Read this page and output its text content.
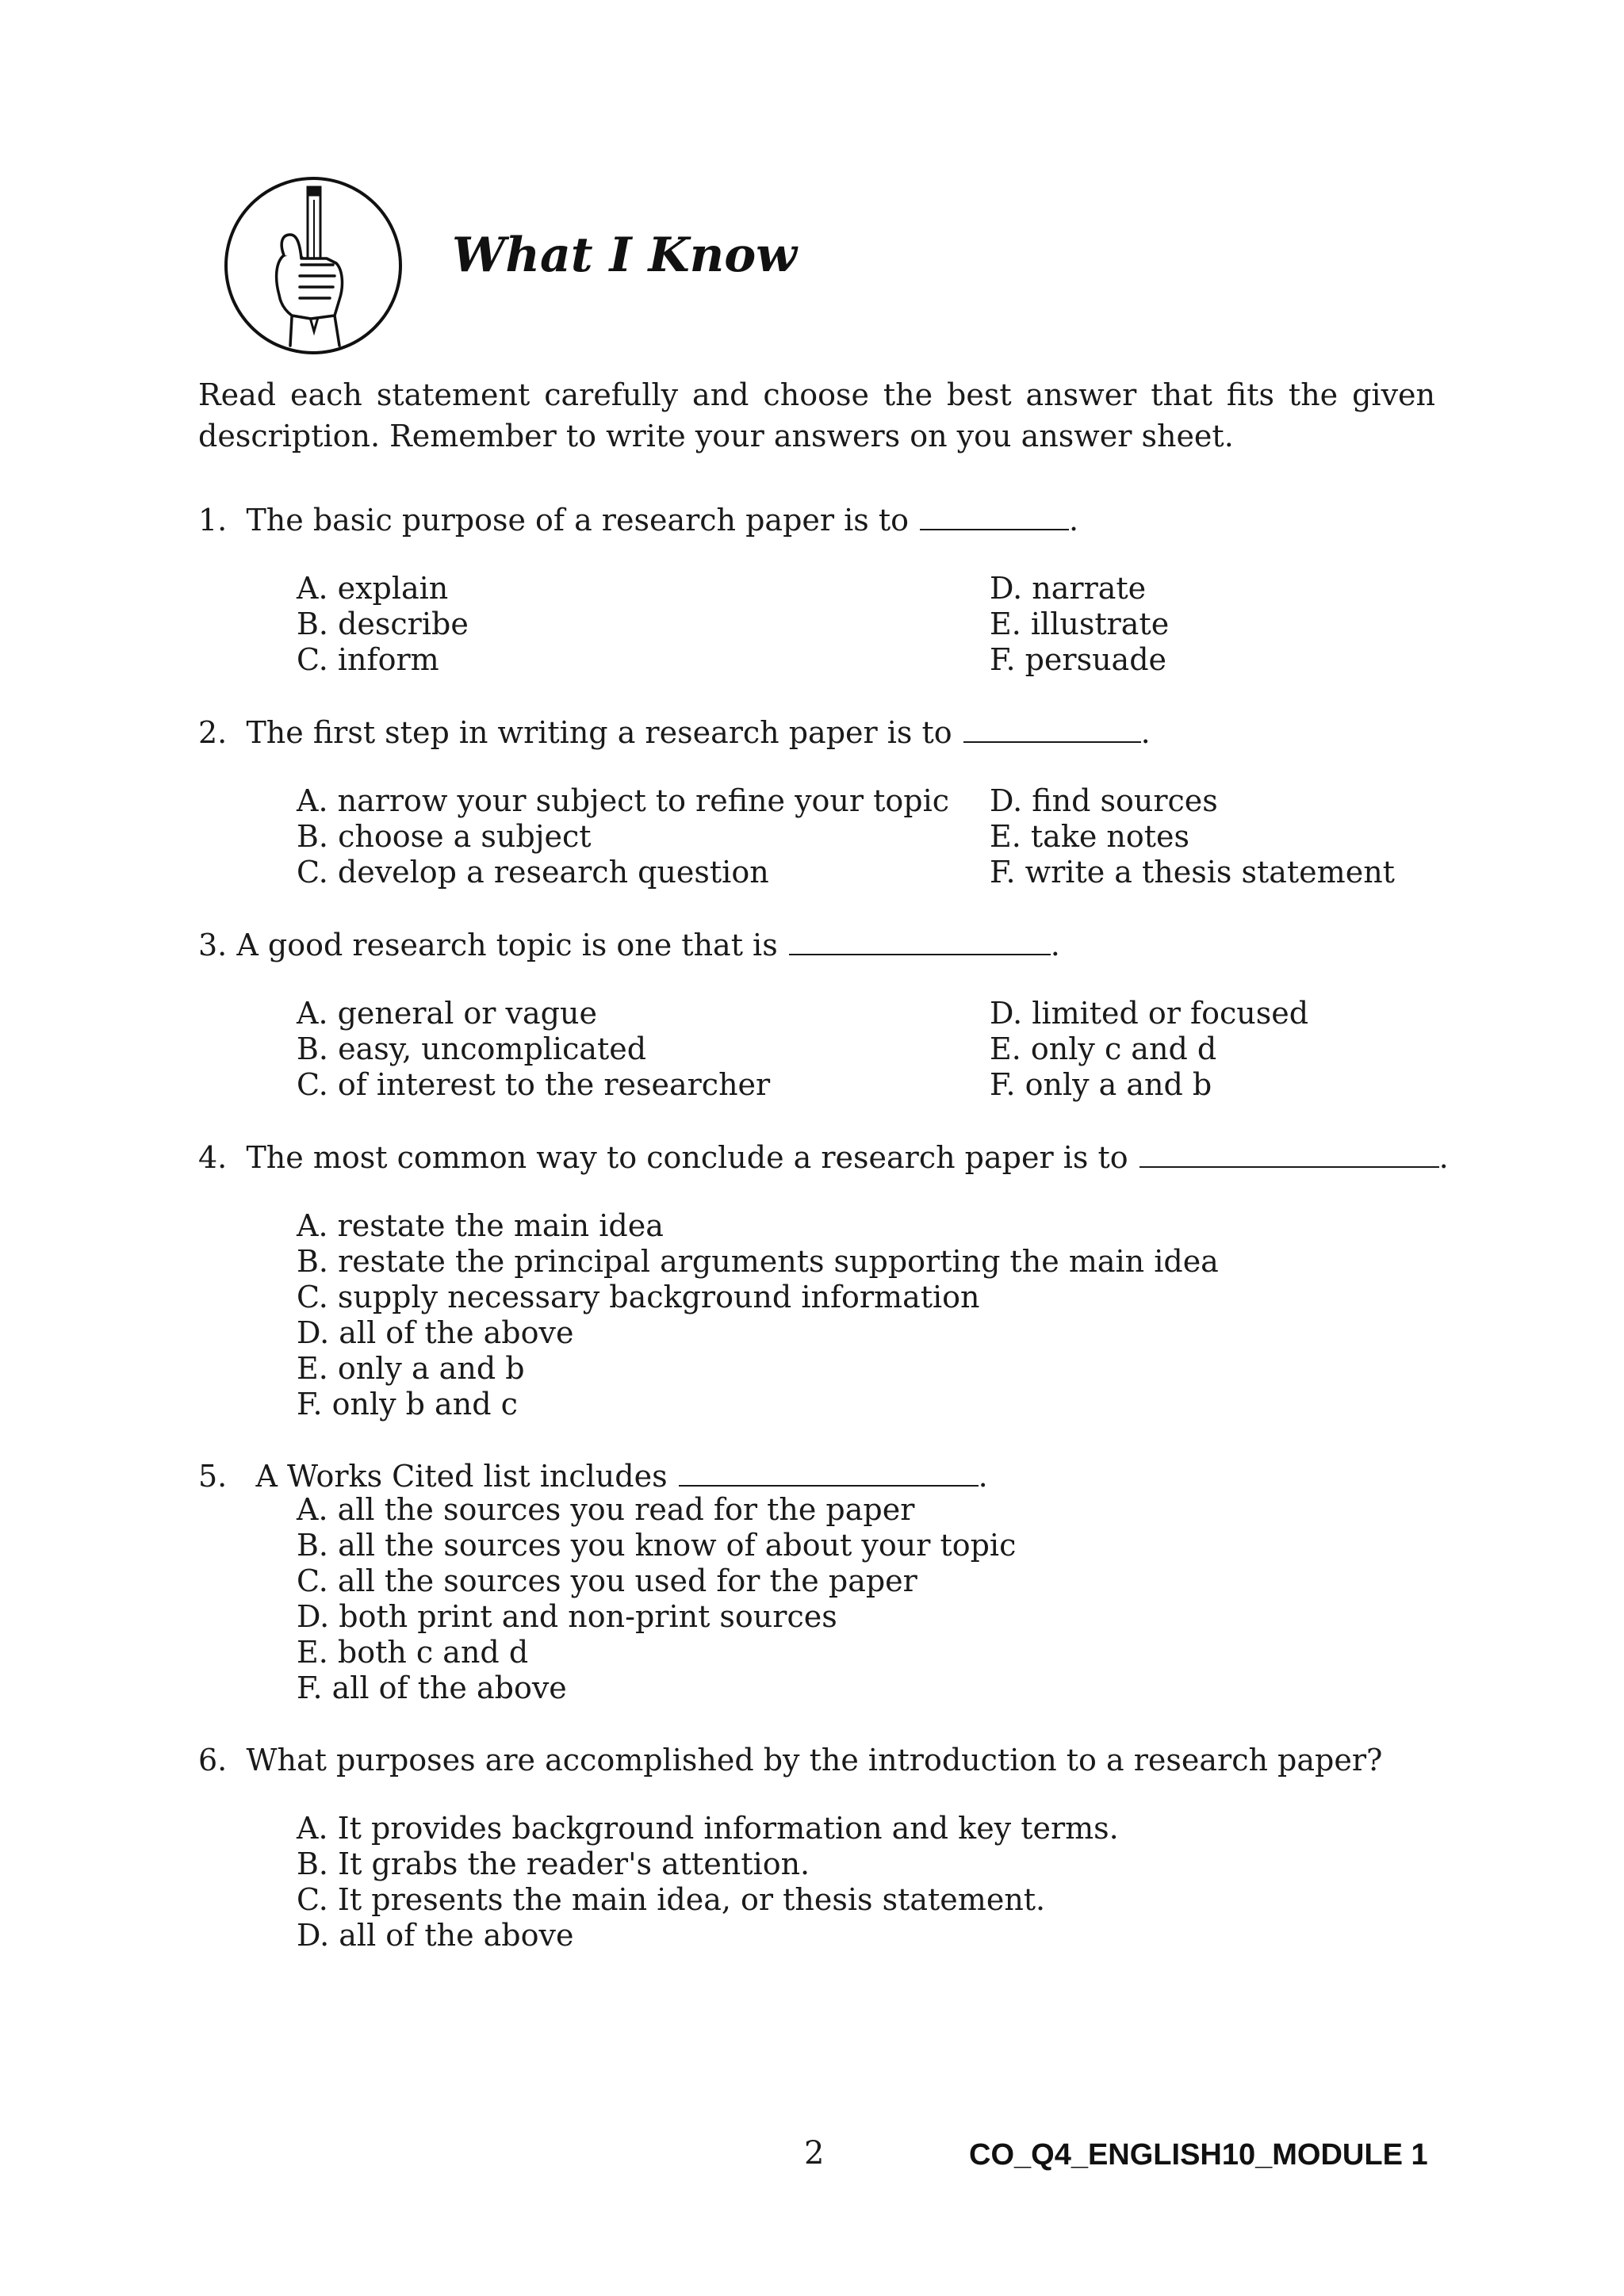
What I Know

Read each statement carefully and choose the best answer that fits the given description. Remember to write your answers on you answer sheet.

1. The basic purpose of a research paper is to	.
A. explain	D. narrate
B. describe	E. illustrate
C. inform	F. persuade
2. The first step in writing a research paper is to	.
A. narrow your subject to refine your topic	D. find sources
B. choose a subject	E. take notes
C. develop a research question	F. write a thesis statement
3. A good research topic is one that is	.
A. general or vague	D. limited or focused
B. easy, uncomplicated	E. only c and d
C. of interest to the researcher	F. only a and b
4. The most common way to conclude a research paper is to	.
A. restate the main idea
B. restate the principal arguments supporting the main idea
C. supply necessary background information
D. all of the above
E. only a and b
F. only b and c
5. A Works Cited list includes	.
A. all the sources you read for the paper
B. all the sources you know of about your topic
C. all the sources you used for the paper
D. both print and non-print sources
E. both c and d
F. all of the above
6. What purposes are accomplished by the introduction to a research paper?
A. It provides background information and key terms.
B. It grabs the reader's attention.
C. It presents the main idea, or thesis statement.
D. all of the above
2	CO_Q4_ENGLISH10_MODULE 1
